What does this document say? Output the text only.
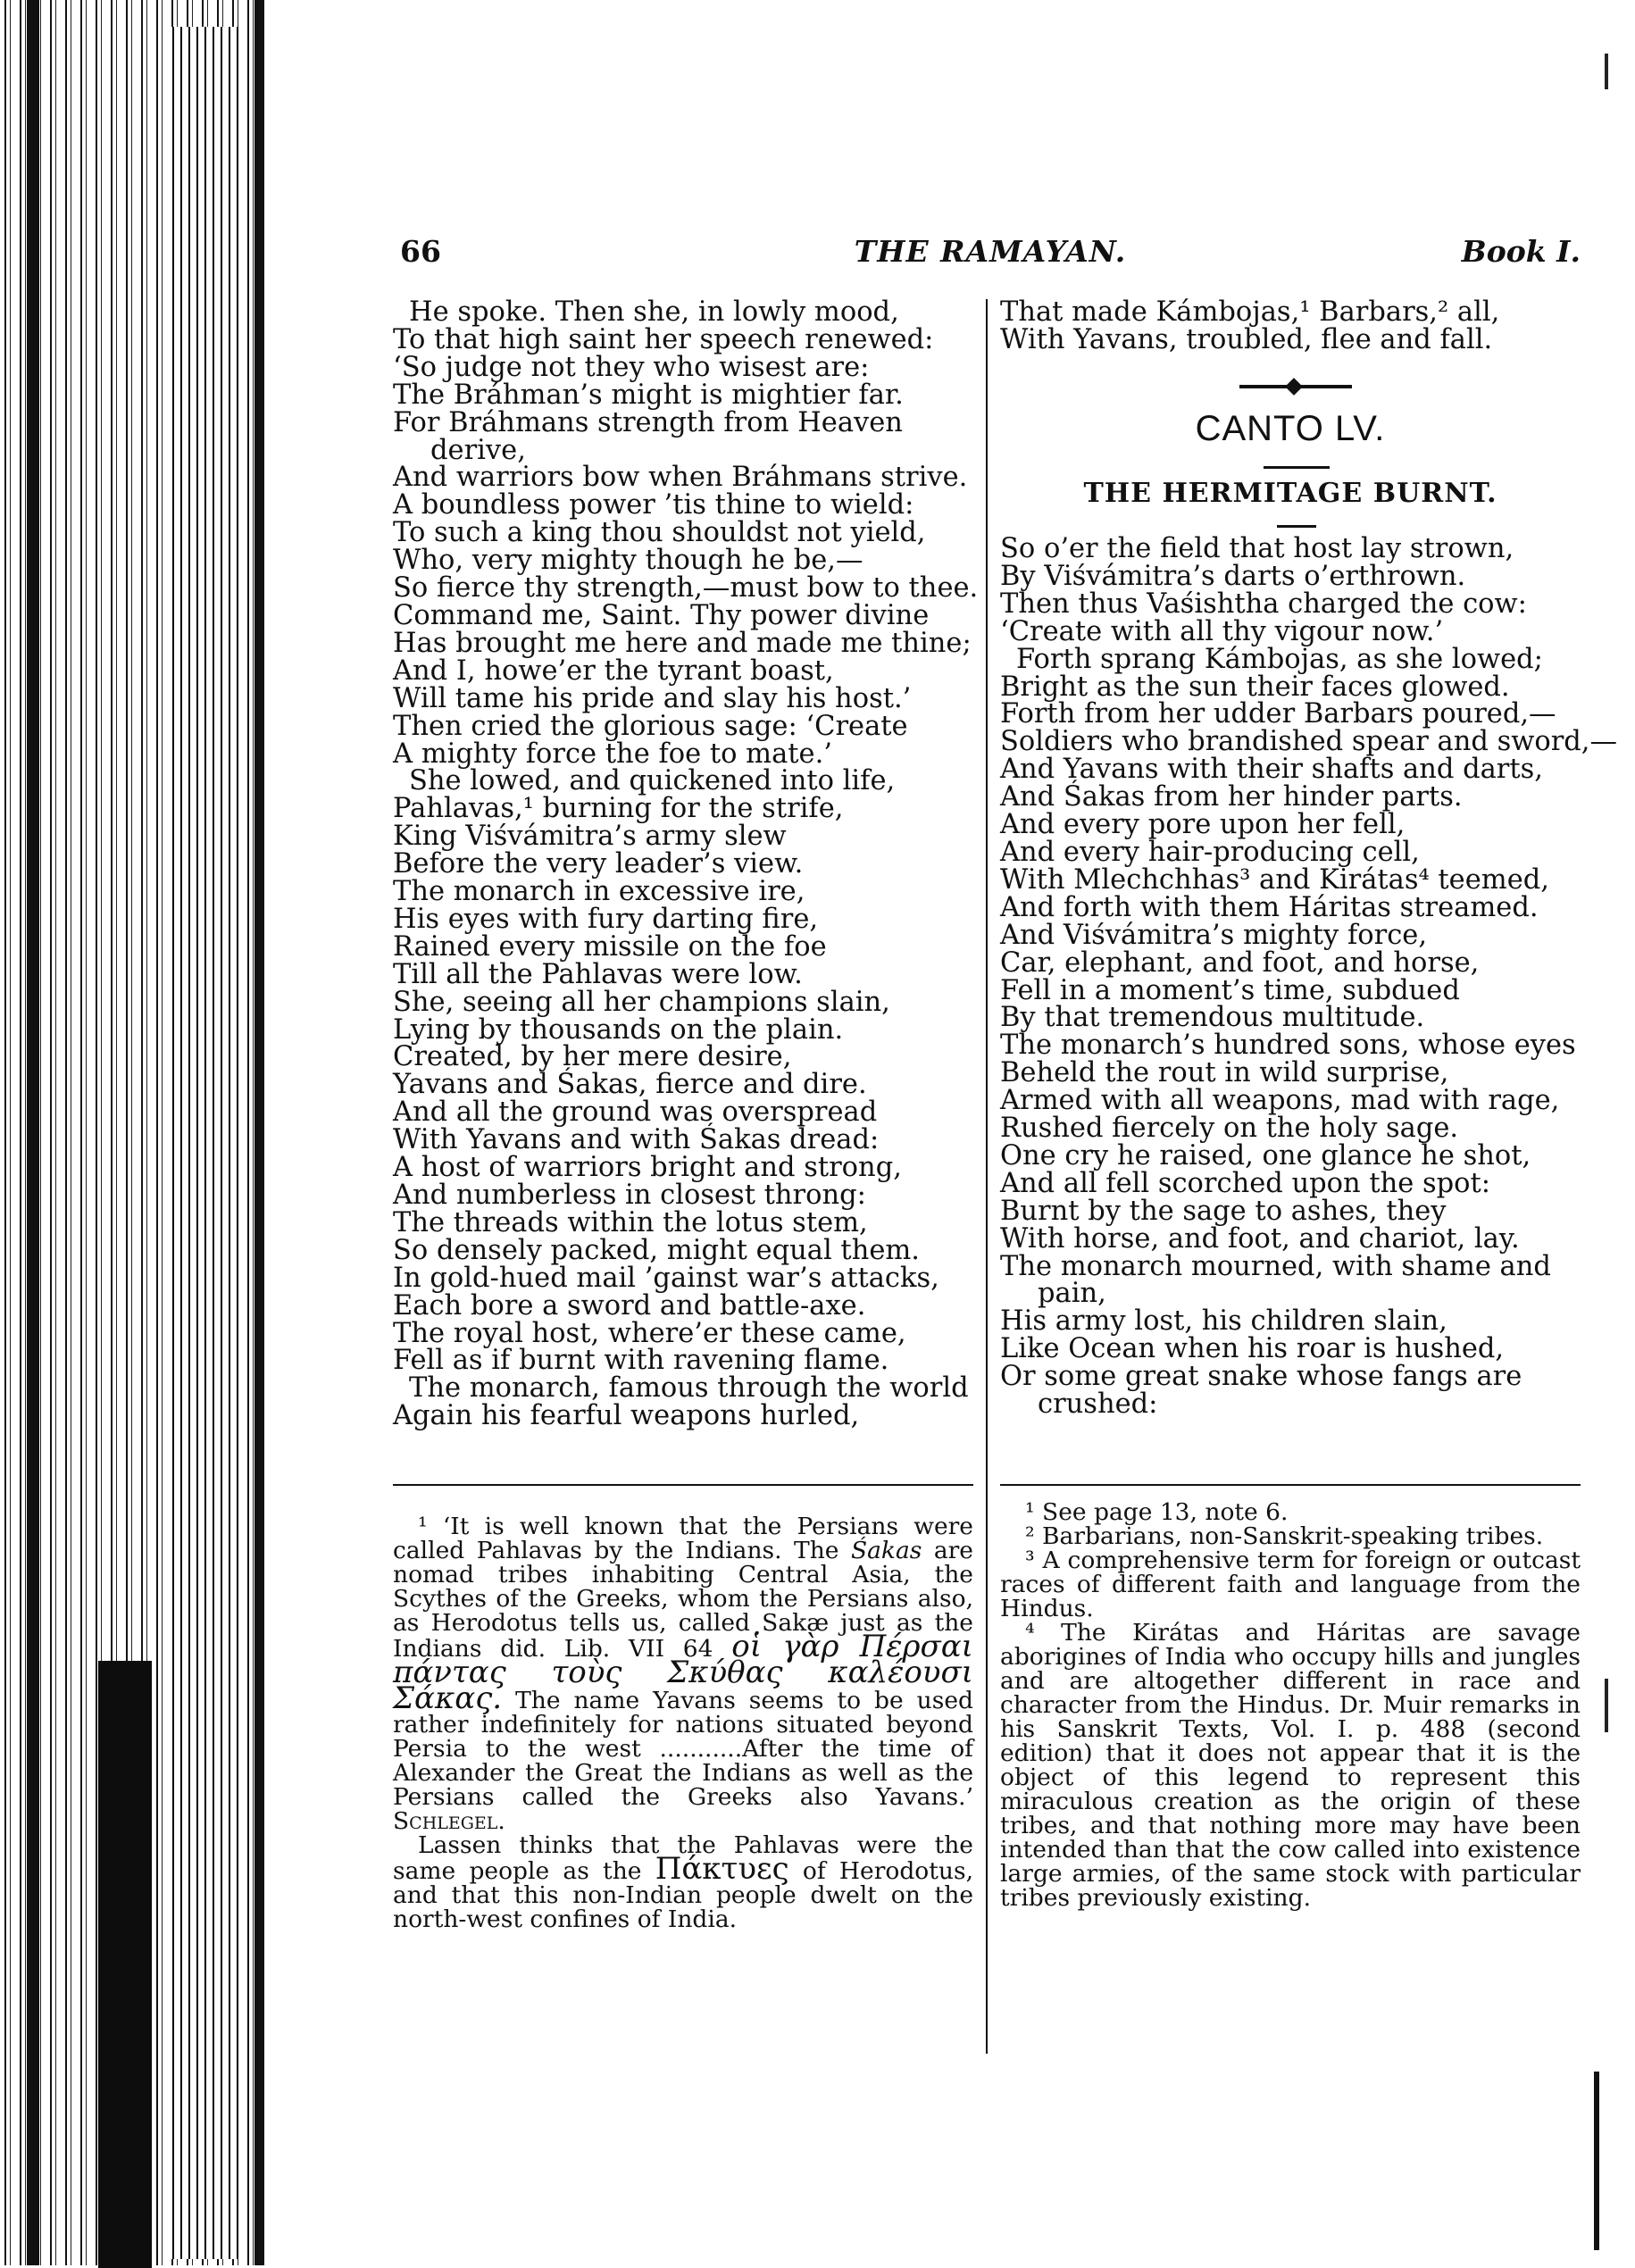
66	THE RAMAYAN.	Book I.
He spoke. Then she, in lowly mood,
To that high saint her speech renewed:
‘So judge not they who wisest are:
The Bráhman’s might is mightier far.
For Bráhmans strength from Heaven
derive,
And warriors bow when Bráhmans strive.
A boundless power ’tis thine to wield:
To such a king thou shouldst not yield,
Who, very mighty though he be,—
So fierce thy strength,—must bow to thee.
Command me, Saint. Thy power divine
Has brought me here and made me thine;
And I, howe’er the tyrant boast,
Will tame his pride and slay his host.’
Then cried the glorious sage: ‘Create
A mighty force the foe to mate.’
She lowed, and quickened into life,
Pahlavas,¹ burning for the strife,
King Viśvámitra’s army slew
Before the very leader’s view.
The monarch in excessive ire,
His eyes with fury darting fire,
Rained every missile on the foe
Till all the Pahlavas were low.
She, seeing all her champions slain,
Lying by thousands on the plain.
Created, by her mere desire,
Yavans and Śakas, fierce and dire.
And all the ground was overspread
With Yavans and with Śakas dread:
A host of warriors bright and strong,
And numberless in closest throng:
The threads within the lotus stem,
So densely packed, might equal them.
In gold-hued mail ’gainst war’s attacks,
Each bore a sword and battle-axe.
The royal host, where’er these came,
Fell as if burnt with ravening flame.
The monarch, famous through the world
Again his fearful weapons hurled,
That made Kámbojas,¹ Barbars,² all,
With Yavans, troubled, flee and fall.
CANTO LV.
THE HERMITAGE BURNT.
So o’er the field that host lay strown,
By Viśvámitra’s darts o’erthrown.
Then thus Vaśishtha charged the cow:
‘Create with all thy vigour now.’
Forth sprang Kámbojas, as she lowed;
Bright as the sun their faces glowed.
Forth from her udder Barbars poured,—
Soldiers who brandished spear and sword,—
And Yavans with their shafts and darts,
And Śakas from her hinder parts.
And every pore upon her fell,
And every hair-producing cell,
With Mlechchhas³ and Kirátas⁴ teemed,
And forth with them Háritas streamed.
And Viśvámitra’s mighty force,
Car, elephant, and foot, and horse,
Fell in a moment’s time, subdued
By that tremendous multitude.
The monarch’s hundred sons, whose eyes
Beheld the rout in wild surprise,
Armed with all weapons, mad with rage,
Rushed fiercely on the holy sage.
One cry he raised, one glance he shot,
And all fell scorched upon the spot:
Burnt by the sage to ashes, they
With horse, and foot, and chariot, lay.
The monarch mourned, with shame and
pain,
His army lost, his children slain,
Like Ocean when his roar is hushed,
Or some great snake whose fangs are
crushed:

¹ ‘It is well known that the Persians were called Pahlavas by the Indians. The Śakas are nomad tribes inhabiting Central Asia, the Scythes of the Greeks, whom the Persians also, as Herodotus tells us, called Sakæ just as the Indians did. Lib. VII 64 οἱ γὰρ Πέρσαι πάντας τοὺς Σκύθας καλέουσι Σάκας. The name Yavans seems to be used rather indefinitely for nations situated beyond Persia to the west ...........After the time of Alexander the Great the Indians as well as the Persians called the Greeks also Yavans.’ Schlegel.

Lassen thinks that the Pahlavas were the same people as the Πάκτυες of Herodotus, and that this non-Indian people dwelt on the north-west confines of India.

¹ See page 13, note 6.

² Barbarians, non-Sanskrit-speaking tribes.

³ A comprehensive term for foreign or outcast races of different faith and language from the Hindus.

⁴ The Kirátas and Háritas are savage aborigines of India who occupy hills and jungles and are altogether different in race and character from the Hindus. Dr. Muir remarks in his Sanskrit Texts, Vol. I. p. 488 (second edition) that it does not appear that it is the object of this legend to represent this miraculous creation as the origin of these tribes, and that nothing more may have been intended than that the cow called into existence large armies, of the same stock with particular tribes previously existing.
